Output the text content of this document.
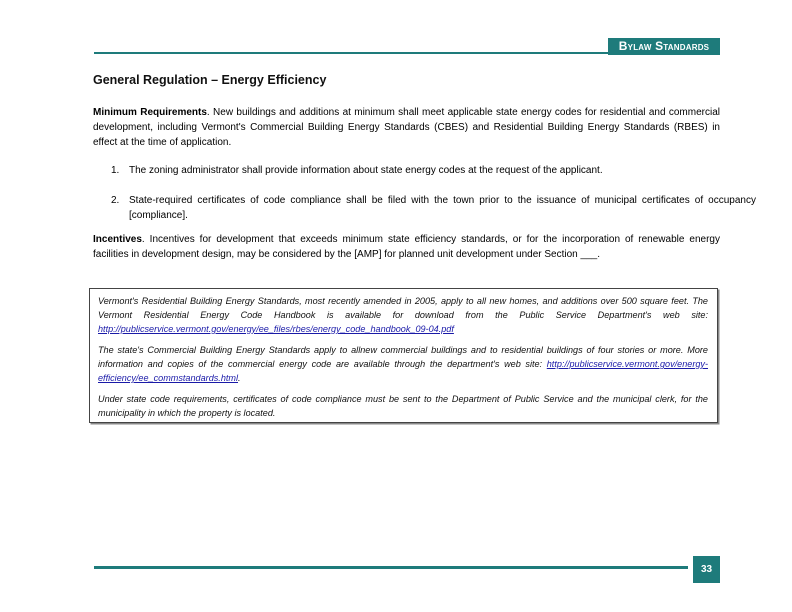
Bylaw Standards
General Regulation – Energy Efficiency
Minimum Requirements. New buildings and additions at minimum shall meet applicable state energy codes for residential and commercial development, including Vermont's Commercial Building Energy Standards (CBES) and Residential Building Energy Standards (RBES) in effect at the time of application.
1. The zoning administrator shall provide information about state energy codes at the request of the applicant.
2. State-required certificates of code compliance shall be filed with the town prior to the issuance of municipal certificates of occupancy [compliance].
Incentives. Incentives for development that exceeds minimum state efficiency standards, or for the incorporation of renewable energy facilities in development design, may be considered by the [AMP] for planned unit development under Section ___.

Vermont's Residential Building Energy Standards, most recently amended in 2005, apply to all new homes, and additions over 500 square feet. The Vermont Residential Energy Code Handbook is available for download from the Public Service Department's web site: http://publicservice.vermont.gov/energy/ee_files/rbes/energy_code_handbook_09-04.pdf

The state's Commercial Building Energy Standards apply to allnew commercial buildings and to residential buildings of four stories or more. More information and copies of the commercial energy code are available through the department's web site: http://publicservice.vermont.gov/energy-efficiency/ee_commstandards.html.

Under state code requirements, certificates of code compliance must be sent to the Department of Public Service and the municipal clerk, for the municipality in which the property is located.

33
